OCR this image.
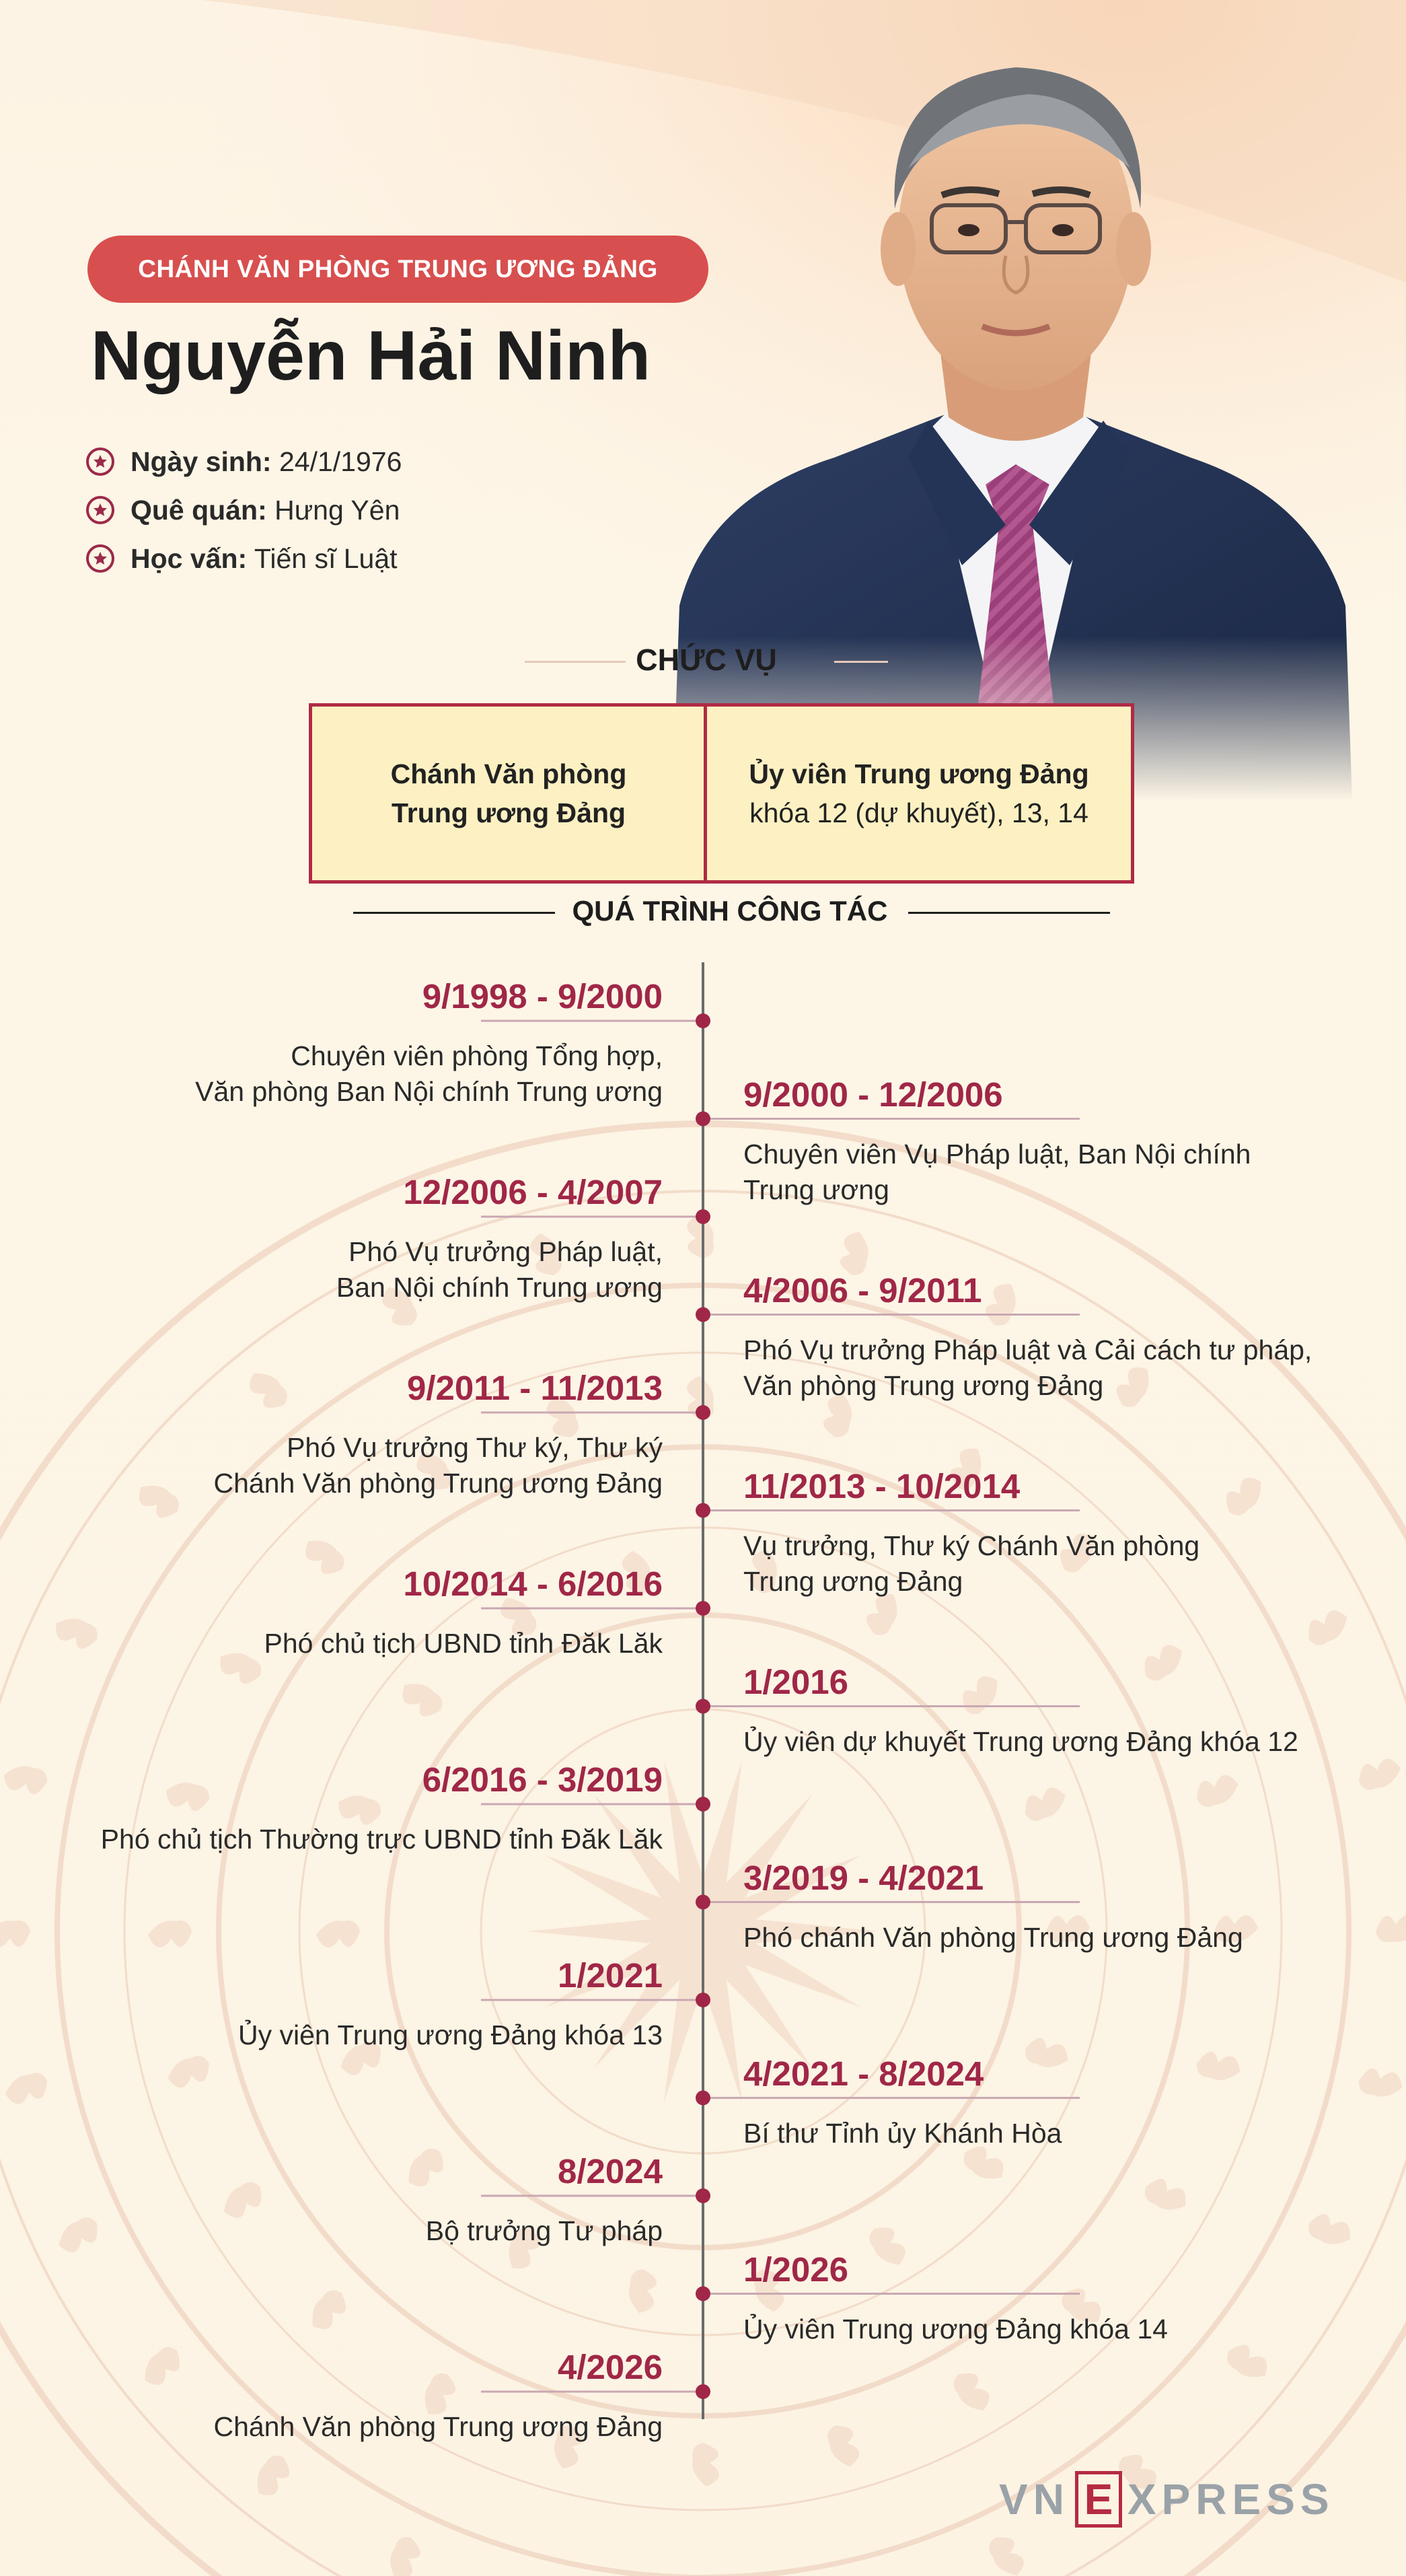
CHÁNH VĂN PHÒNG TRUNG ƯƠNG ĐẢNG
Nguyễn Hải Ninh
Ngày sinh: 24/1/1976
Quê quán: Hưng Yên
Học vấn: Tiến sĩ Luật
CHỨC VỤ
Chánh Văn phòng
Trung ương Đảng
Ủy viên Trung ương Đảng
khóa 12 (dự khuyết), 13, 14
QUÁ TRÌNH CÔNG TÁC
9/1998 - 9/2000
Chuyên viên phòng Tổng hợp,
Văn phòng Ban Nội chính Trung ương 9/2000 - 12/2006
Chuyên viên Vụ Pháp luật, Ban Nội chính
Trung ương
12/2006 - 4/2007
Phó Vụ trưởng Pháp luật,
Ban Nội chính Trung ương 4/2006 - 9/2011
Phó Vụ trưởng Pháp luật và Cải cách tư pháp,
Văn phòng Trung ương Đảng
9/2011 - 11/2013
Phó Vụ trưởng Thư ký, Thư ký
Chánh Văn phòng Trung ương Đảng 11/2013 - 10/2014
Vụ trưởng, Thư ký Chánh Văn phòng
Trung ương Đảng
10/2014 - 6/2016
Phó chủ tịch UBND tỉnh Đăk Lăk
1/2016
Ủy viên dự khuyết Trung ương Đảng khóa 12
6/2016 - 3/2019
Phó chủ tịch Thường trực UBND tỉnh Đăk Lăk
3/2019 - 4/2021
Phó chánh Văn phòng Trung ương Đảng
1/2021
Ủy viên Trung ương Đảng khóa 13
4/2021 - 8/2024
Bí thư Tỉnh ủy Khánh Hòa
8/2024
Bộ trưởng Tư pháp
1/2026
Ủy viên Trung ương Đảng khóa 14
4/2026
Chánh Văn phòng Trung ương Đảng
VN E XPRESS
